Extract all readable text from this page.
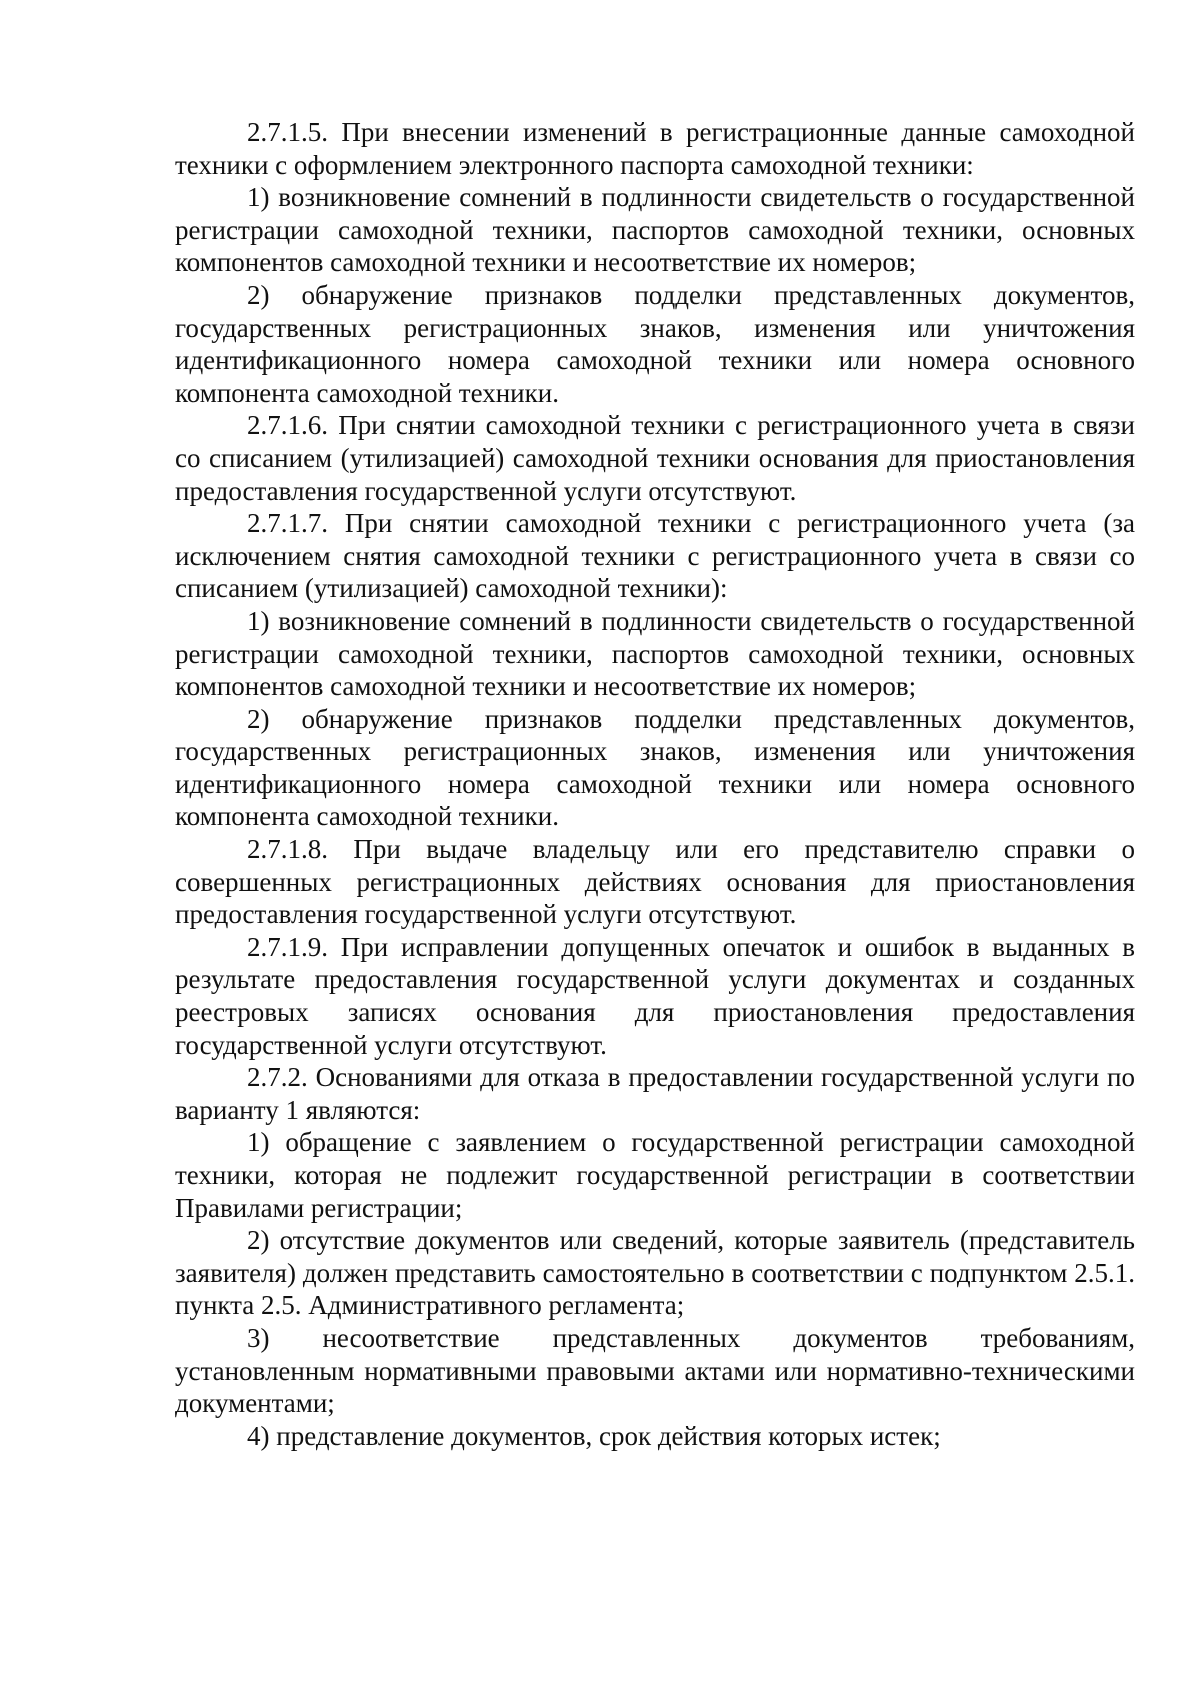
2.7.1.5. При внесении изменений в регистрационные данные самоходной техники с оформлением электронного паспорта самоходной техники:

1) возникновение сомнений в подлинности свидетельств о государственной регистрации самоходной техники, паспортов самоходной техники, основных компонентов самоходной техники и несоответствие их номеров;

2) обнаружение признаков подделки представленных документов, государственных регистрационных знаков, изменения или уничтожения идентификационного номера самоходной техники или номера основного компонента самоходной техники.

2.7.1.6. При снятии самоходной техники с регистрационного учета в связи со списанием (утилизацией) самоходной техники основания для приостановления предоставления государственной услуги отсутствуют.

2.7.1.7. При снятии самоходной техники с регистрационного учета (за исключением снятия самоходной техники с регистрационного учета в связи со списанием (утилизацией) самоходной техники):

1) возникновение сомнений в подлинности свидетельств о государственной регистрации самоходной техники, паспортов самоходной техники, основных компонентов самоходной техники и несоответствие их номеров;

2) обнаружение признаков подделки представленных документов, государственных регистрационных знаков, изменения или уничтожения идентификационного номера самоходной техники или номера основного компонента самоходной техники.

2.7.1.8. При выдаче владельцу или его представителю справки о совершенных регистрационных действиях основания для приостановления предоставления государственной услуги отсутствуют.

2.7.1.9. При исправлении допущенных опечаток и ошибок в выданных в результате предоставления государственной услуги документах и созданных реестровых записях основания для приостановления предоставления государственной услуги отсутствуют.

2.7.2. Основаниями для отказа в предоставлении государственной услуги по варианту 1 являются:

1) обращение с заявлением о государственной регистрации самоходной техники, которая не подлежит государственной регистрации в соответствии Правилами регистрации;

2) отсутствие документов или сведений, которые заявитель (представитель заявителя) должен представить самостоятельно в соответствии с подпунктом 2.5.1. пункта 2.5. Административного регламента;

3) несоответствие представленных документов требованиям, установленным нормативными правовыми актами или нормативно-техническими документами;

4) представление документов, срок действия которых истек;
